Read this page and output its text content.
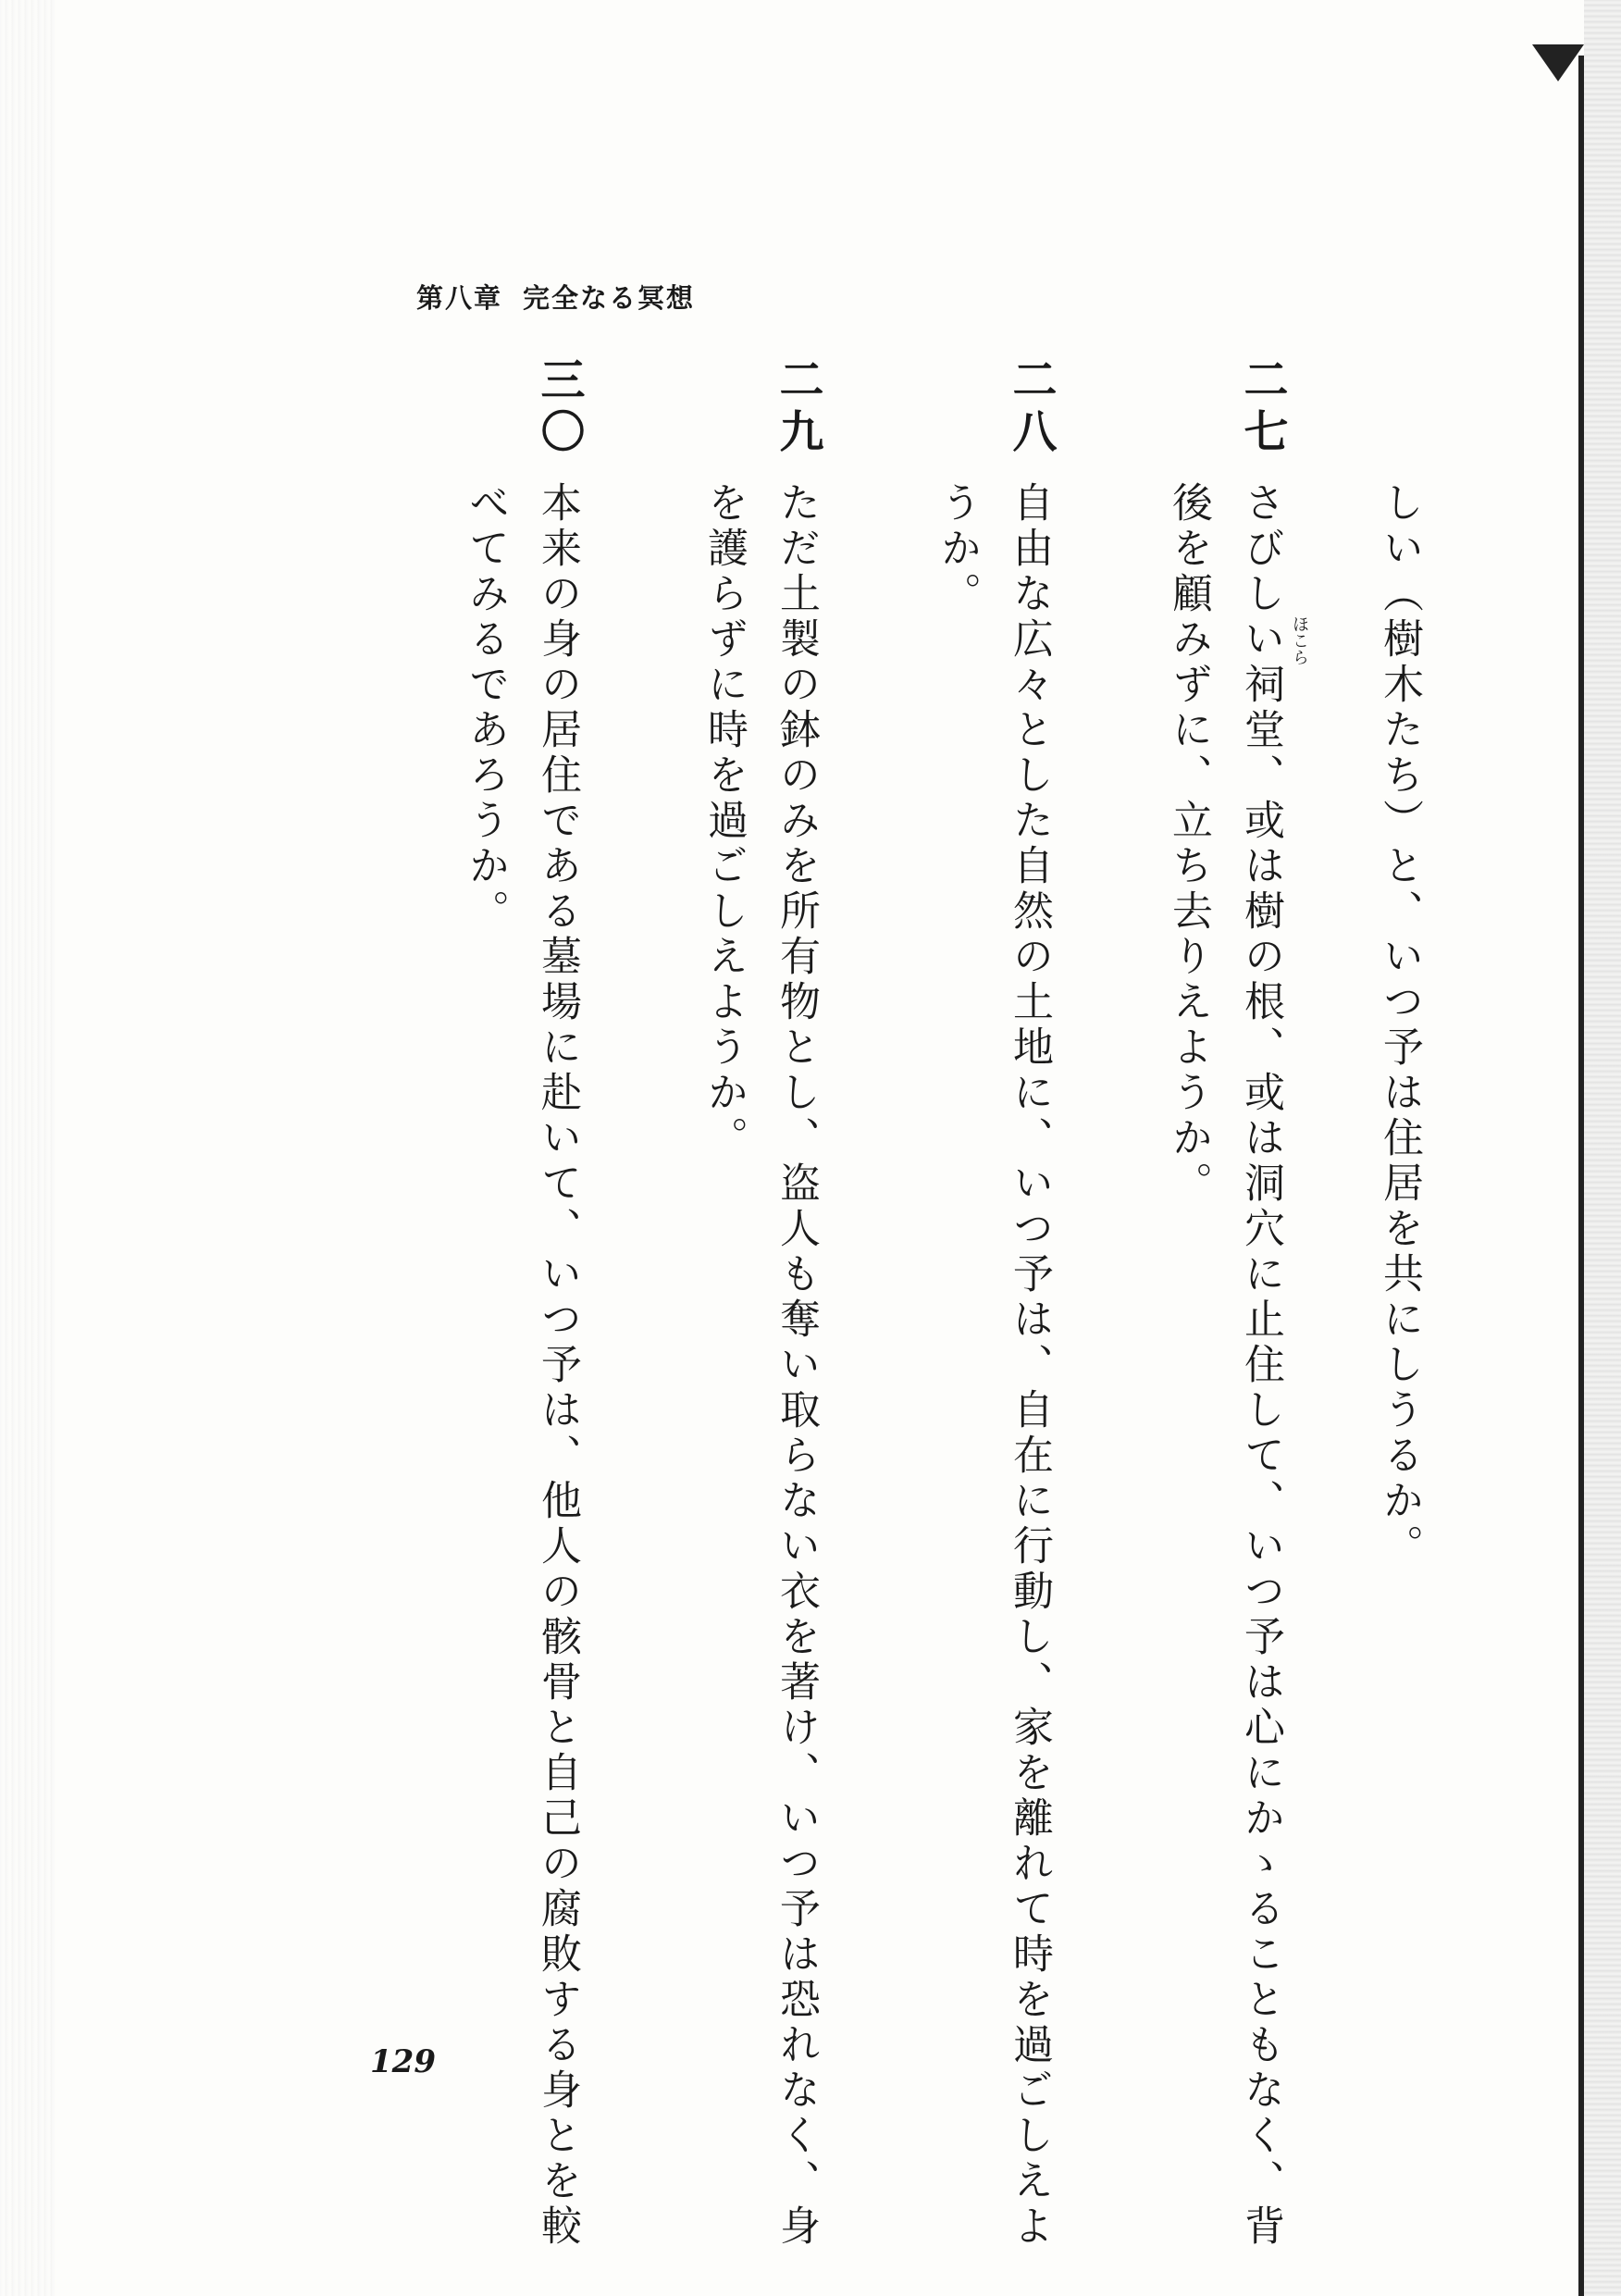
第八章 完全なる冥想
しい（樹木たち）と、いつ予は住居を共にしうるか。
二七
ほこら
さびしい祠堂、或は樹の根、或は洞穴に止住して、いつ予は心にかゝることもなく、背
後を顧みずに、立ち去りえようか。
二八
自由な広々とした自然の土地に、いつ予は、自在に行動し、家を離れて時を過ごしえよ
うか。
二九
ただ土製の鉢のみを所有物とし、盗人も奪い取らない衣を著け、いつ予は恐れなく、身
を護らずに時を過ごしえようか。
三〇
本来の身の居住である墓場に赴いて、いつ予は、他人の骸骨と自己の腐敗する身とを較
べてみるであろうか。
129
